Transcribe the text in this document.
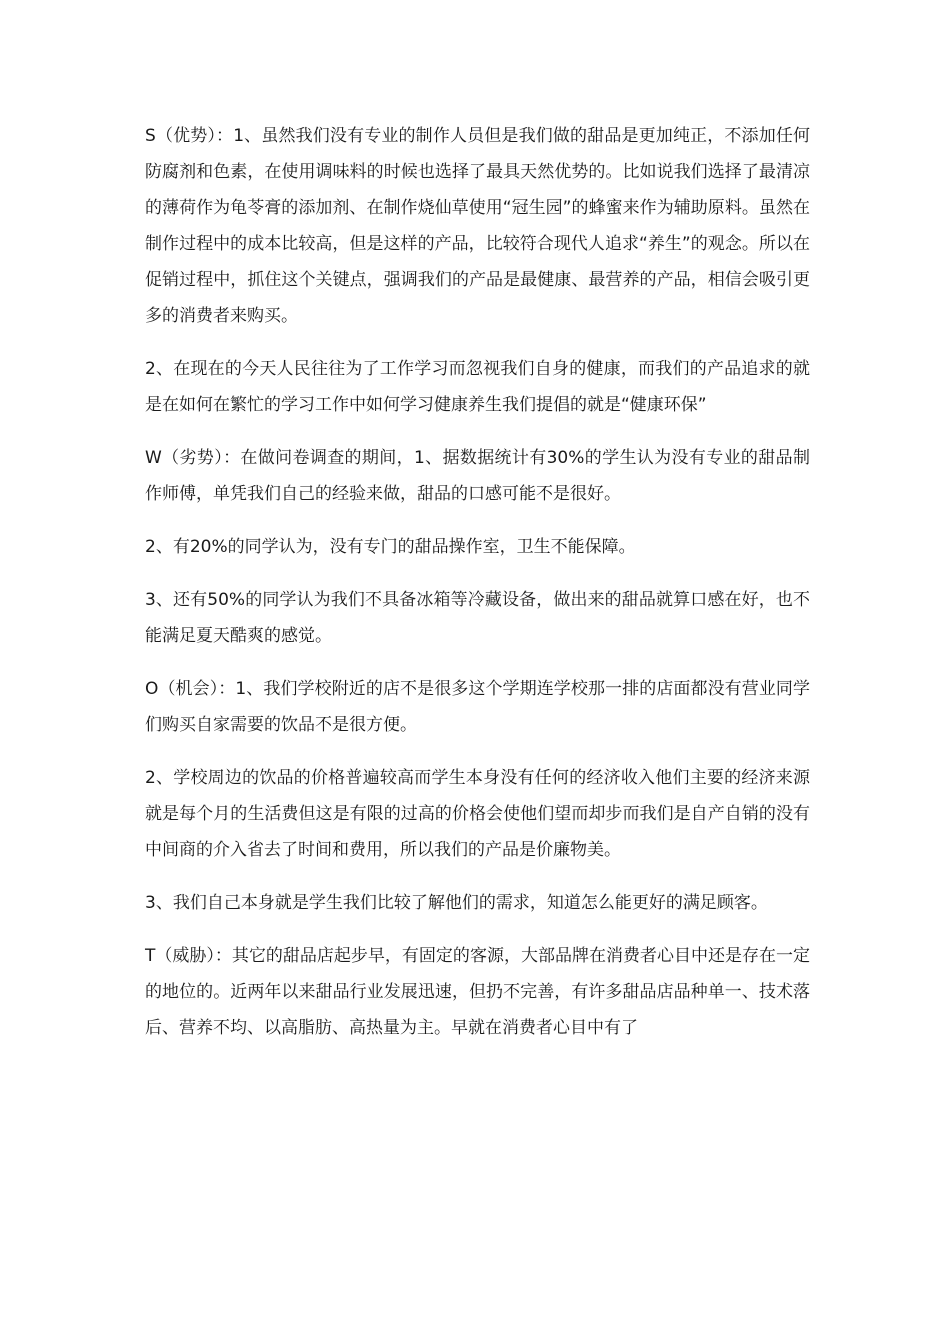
S（优势）：1、虽然我们没有专业的制作人员但是我们做的甜品是更加纯正，不添加任何防腐剂和色素，在使用调味料的时候也选择了最具天然优势的。比如说我们选择了最清凉的薄荷作为龟苓膏的添加剂、在制作烧仙草使用“冠生园”的蜂蜜来作为辅助原料。虽然在制作过程中的成本比较高，但是这样的产品，比较符合现代人追求“养生”的观念。所以在促销过程中，抓住这个关键点，强调我们的产品是最健康、最营养的产品，相信会吸引更多的消费者来购买。

2、在现在的今天人民往往为了工作学习而忽视我们自身的健康，而我们的产品追求的就是在如何在繁忙的学习工作中如何学习健康养生我们提倡的就是“健康环保”

W（劣势）：在做问卷调查的期间，1、据数据统计有30%的学生认为没有专业的甜品制作师傅，单凭我们自己的经验来做，甜品的口感可能不是很好。

2、有20%的同学认为，没有专门的甜品操作室，卫生不能保障。

3、还有50%的同学认为我们不具备冰箱等冷藏设备，做出来的甜品就算口感在好，也不能满足夏天酷爽的感觉。

O（机会）：1、我们学校附近的店不是很多这个学期连学校那一排的店面都没有营业同学们购买自家需要的饮品不是很方便。

2、学校周边的饮品的价格普遍较高而学生本身没有任何的经济收入他们主要的经济来源就是每个月的生活费但这是有限的过高的价格会使他们望而却步而我们是自产自销的没有中间商的介入省去了时间和费用，所以我们的产品是价廉物美。

3、我们自己本身就是学生我们比较了解他们的需求，知道怎么能更好的满足顾客。

T（威胁）：其它的甜品店起步早，有固定的客源，大部品牌在消费者心目中还是存在一定的地位的。近两年以来甜品行业发展迅速，但扔不完善，有许多甜品店品种单一、技术落后、营养不均、以高脂肪、高热量为主。早就在消费者心目中有了
